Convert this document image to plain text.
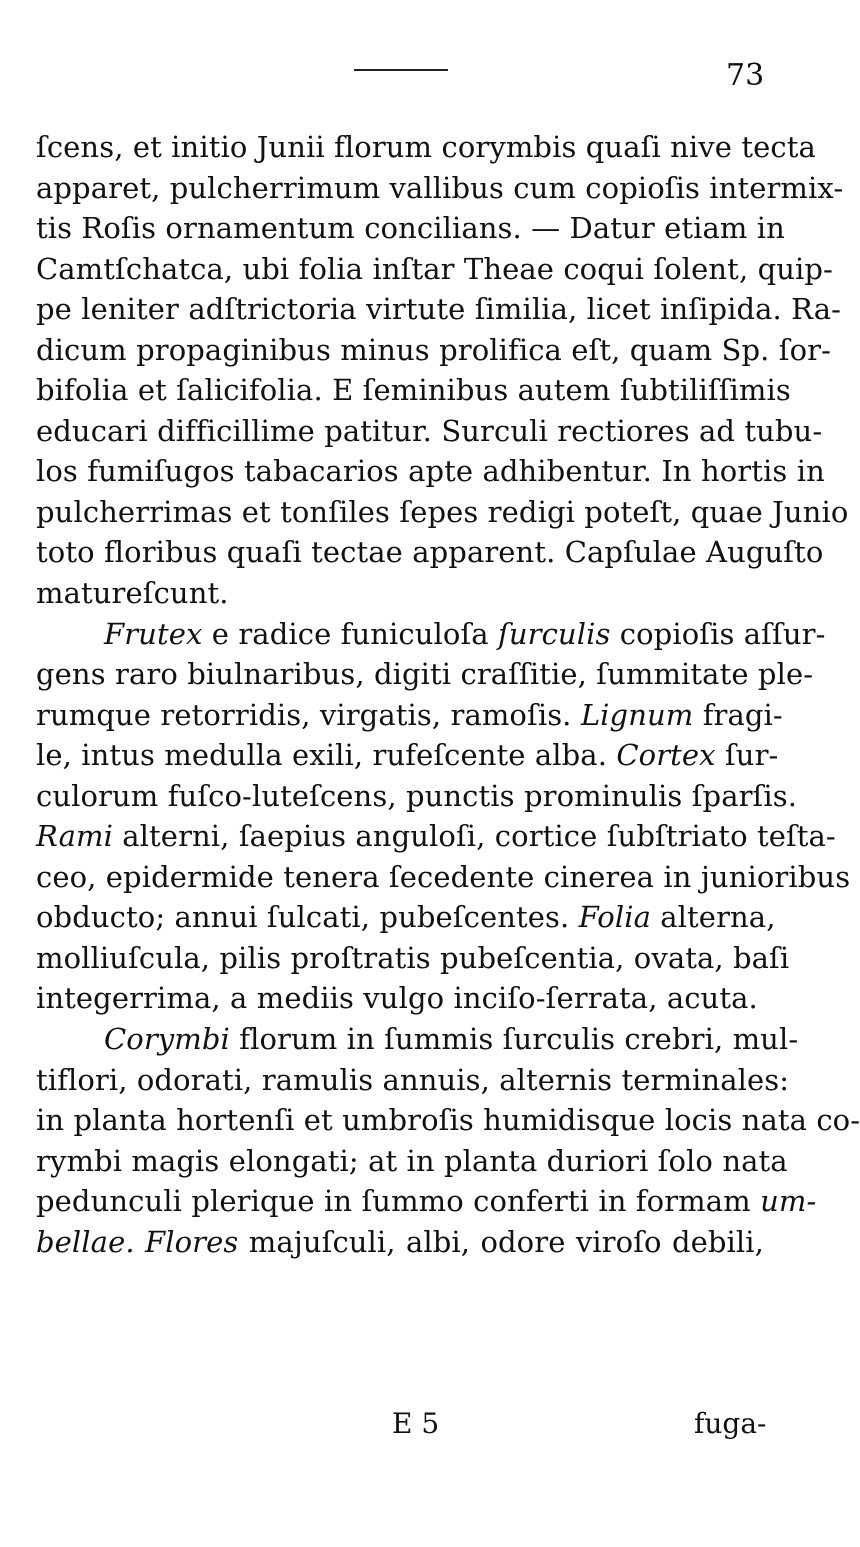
73
ſcens, et initio Junii florum corymbis quaſi nive tecta
apparet, pulcherrimum vallibus cum copioſis intermix-
tis Roſis ornamentum concilians. — Datur etiam in
Camtſchatca, ubi folia inſtar Theae coqui ſolent, quip-
pe leniter adſtrictoria virtute ſimilia, licet inſipida. Ra-
dicum propaginibus minus prolifica eſt, quam Sp. ſor-
bifolia et ſalicifolia. E ſeminibus autem ſubtiliſſimis
educari difficillime patitur. Surculi rectiores ad tubu-
los fumiſugos tabacarios apte adhibentur. In hortis in
pulcherrimas et tonſiles ſepes redigi poteſt, quae Junio
toto floribus quaſi tectae apparent. Capſulae Auguſto
matureſcunt.
Frutex e radice funiculoſa ſurculis copioſis aſſur-
gens raro biulnaribus, digiti craſſitie, ſummitate ple-
rumque retorridis, virgatis, ramoſis. Lignum fragi-
le, intus medulla exili, rufeſcente alba. Cortex ſur-
culorum fuſco-luteſcens, punctis prominulis ſparſis.
Rami alterni, ſaepius anguloſi, cortice ſubſtriato teſta-
ceo, epidermide tenera ſecedente cinerea in junioribus
obducto; annui ſulcati, pubeſcentes. Folia alterna,
molliuſcula, pilis proſtratis pubeſcentia, ovata, baſi
integerrima, a mediis vulgo inciſo-ſerrata, acuta.
Corymbi florum in ſummis ſurculis crebri, mul-
tiflori, odorati, ramulis annuis, alternis terminales:
in planta hortenſi et umbroſis humidisque locis nata co-
rymbi magis elongati; at in planta duriori ſolo nata
pedunculi plerique in ſummo conferti in formam um-
bellae. Flores majuſculi, albi, odore viroſo debili,
E 5	fuga-
